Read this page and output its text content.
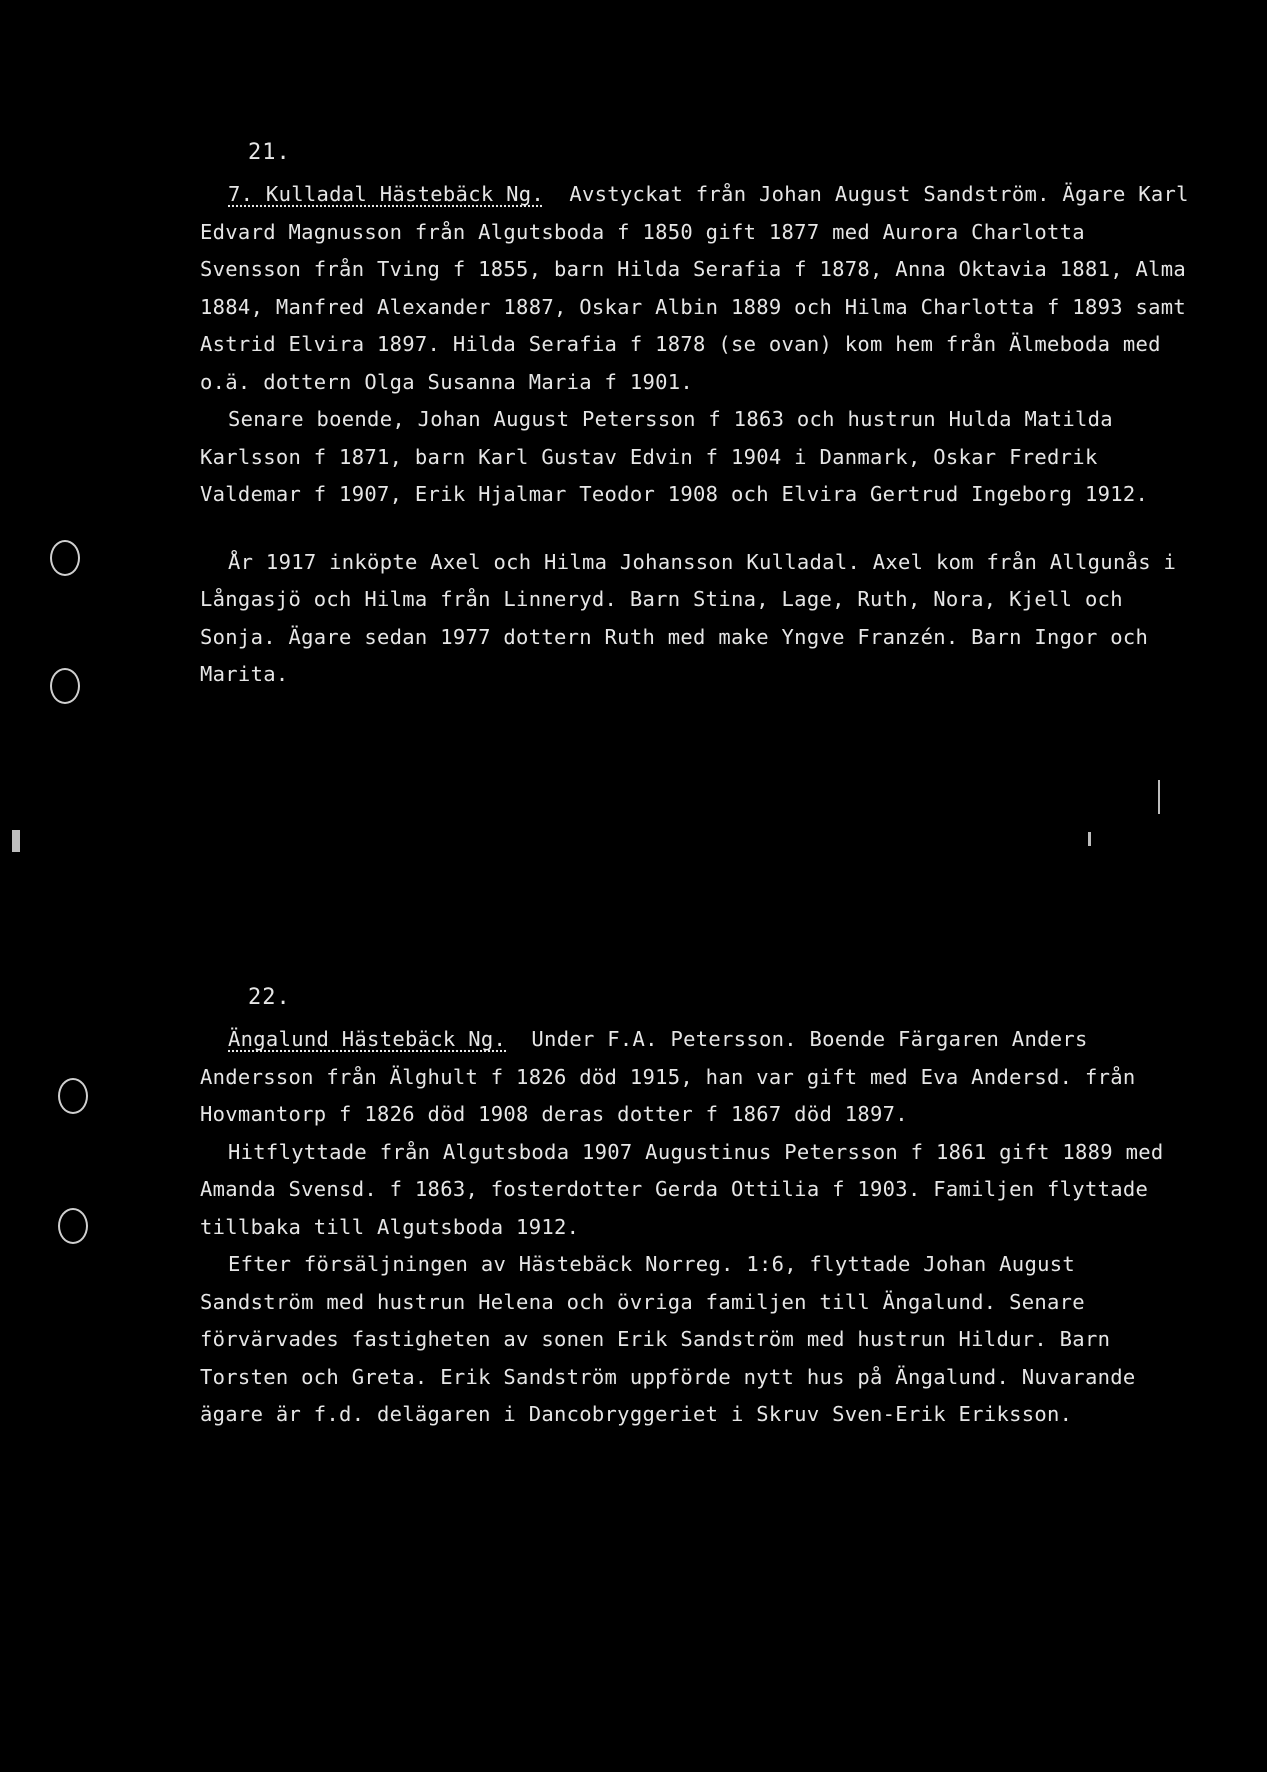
21.

7. Kulladal Hästebäck Ng.  Avstyckat från Johan August Sandström. Ägare Karl Edvard Magnusson från Algutsboda f 1850 gift 1877 med Aurora Charlotta Svensson från Tving f 1855, barn Hilda Serafia f 1878, Anna Oktavia 1881, Alma 1884, Manfred Alexander 1887, Oskar Albin 1889 och Hilma Charlotta f 1893 samt Astrid Elvira 1897. Hilda Serafia f 1878 (se ovan) kom hem från Älmeboda med o.ä. dottern Olga Susanna Maria f 1901.

Senare boende, Johan August Petersson f 1863 och hustrun Hulda Matilda Karlsson f 1871, barn Karl Gustav Edvin f 1904 i Danmark, Oskar Fredrik Valdemar f 1907, Erik Hjalmar Teodor 1908 och Elvira Gertrud Ingeborg 1912.

År 1917 inköpte Axel och Hilma Johansson Kulladal. Axel kom från Allgunås i Långasjö och Hilma från Linneryd. Barn Stina, Lage, Ruth, Nora, Kjell och Sonja. Ägare sedan 1977 dottern Ruth med make Yngve Franzén. Barn Ingor och Marita.

22.

Ängalund Hästebäck Ng.  Under F.A. Petersson. Boende Färgaren Anders Andersson från Älghult f 1826 död 1915, han var gift med Eva Andersd. från Hovmantorp f 1826 död 1908 deras dotter f 1867 död 1897.

Hitflyttade från Algutsboda 1907 Augustinus Petersson f 1861 gift 1889 med Amanda Svensd. f 1863, fosterdotter Gerda Ottilia f 1903. Familjen flyttade tillbaka till Algutsboda 1912.

Efter försäljningen av Hästebäck Norreg. 1:6, flyttade Johan August Sandström med hustrun Helena och övriga familjen till Ängalund. Senare förvärvades fastigheten av sonen Erik Sandström med hustrun Hildur. Barn Torsten och Greta. Erik Sandström uppförde nytt hus på Ängalund. Nuvarande ägare är f.d. delägaren i Dancobryggeriet i Skruv Sven-Erik Eriksson.
